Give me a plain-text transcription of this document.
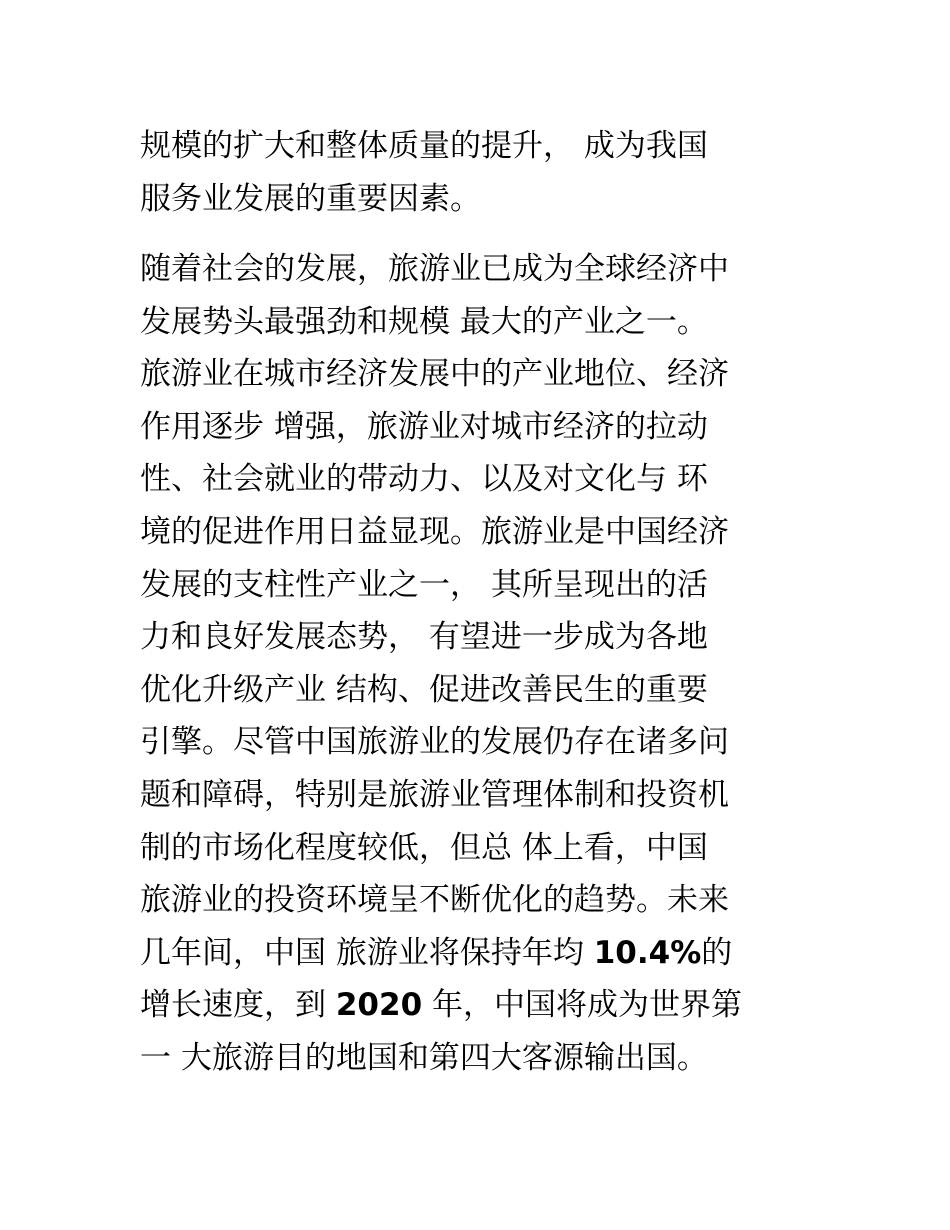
规模的扩大和整体质量的提升， 成为我国
服务业发展的重要因素。
随着社会的发展，旅游业已成为全球经济中
发展势头最强劲和规模 最大的产业之一。
旅游业在城市经济发展中的产业地位、经济
作用逐步 增强，旅游业对城市经济的拉动
性、社会就业的带动力、以及对文化与 环
境的促进作用日益显现。旅游业是中国经济
发展的支柱性产业之一， 其所呈现出的活
力和良好发展态势， 有望进一步成为各地
优化升级产业 结构、促进改善民生的重要
引擎。尽管中国旅游业的发展仍存在诸多问
题和障碍，特别是旅游业管理体制和投资机
制的市场化程度较低，但总 体上看，中国
旅游业的投资环境呈不断优化的趋势。未来
几年间，中国 旅游业将保持年均 10.4%的
增长速度，到 2020 年，中国将成为世界第
一 大旅游目的地国和第四大客源输出国。
